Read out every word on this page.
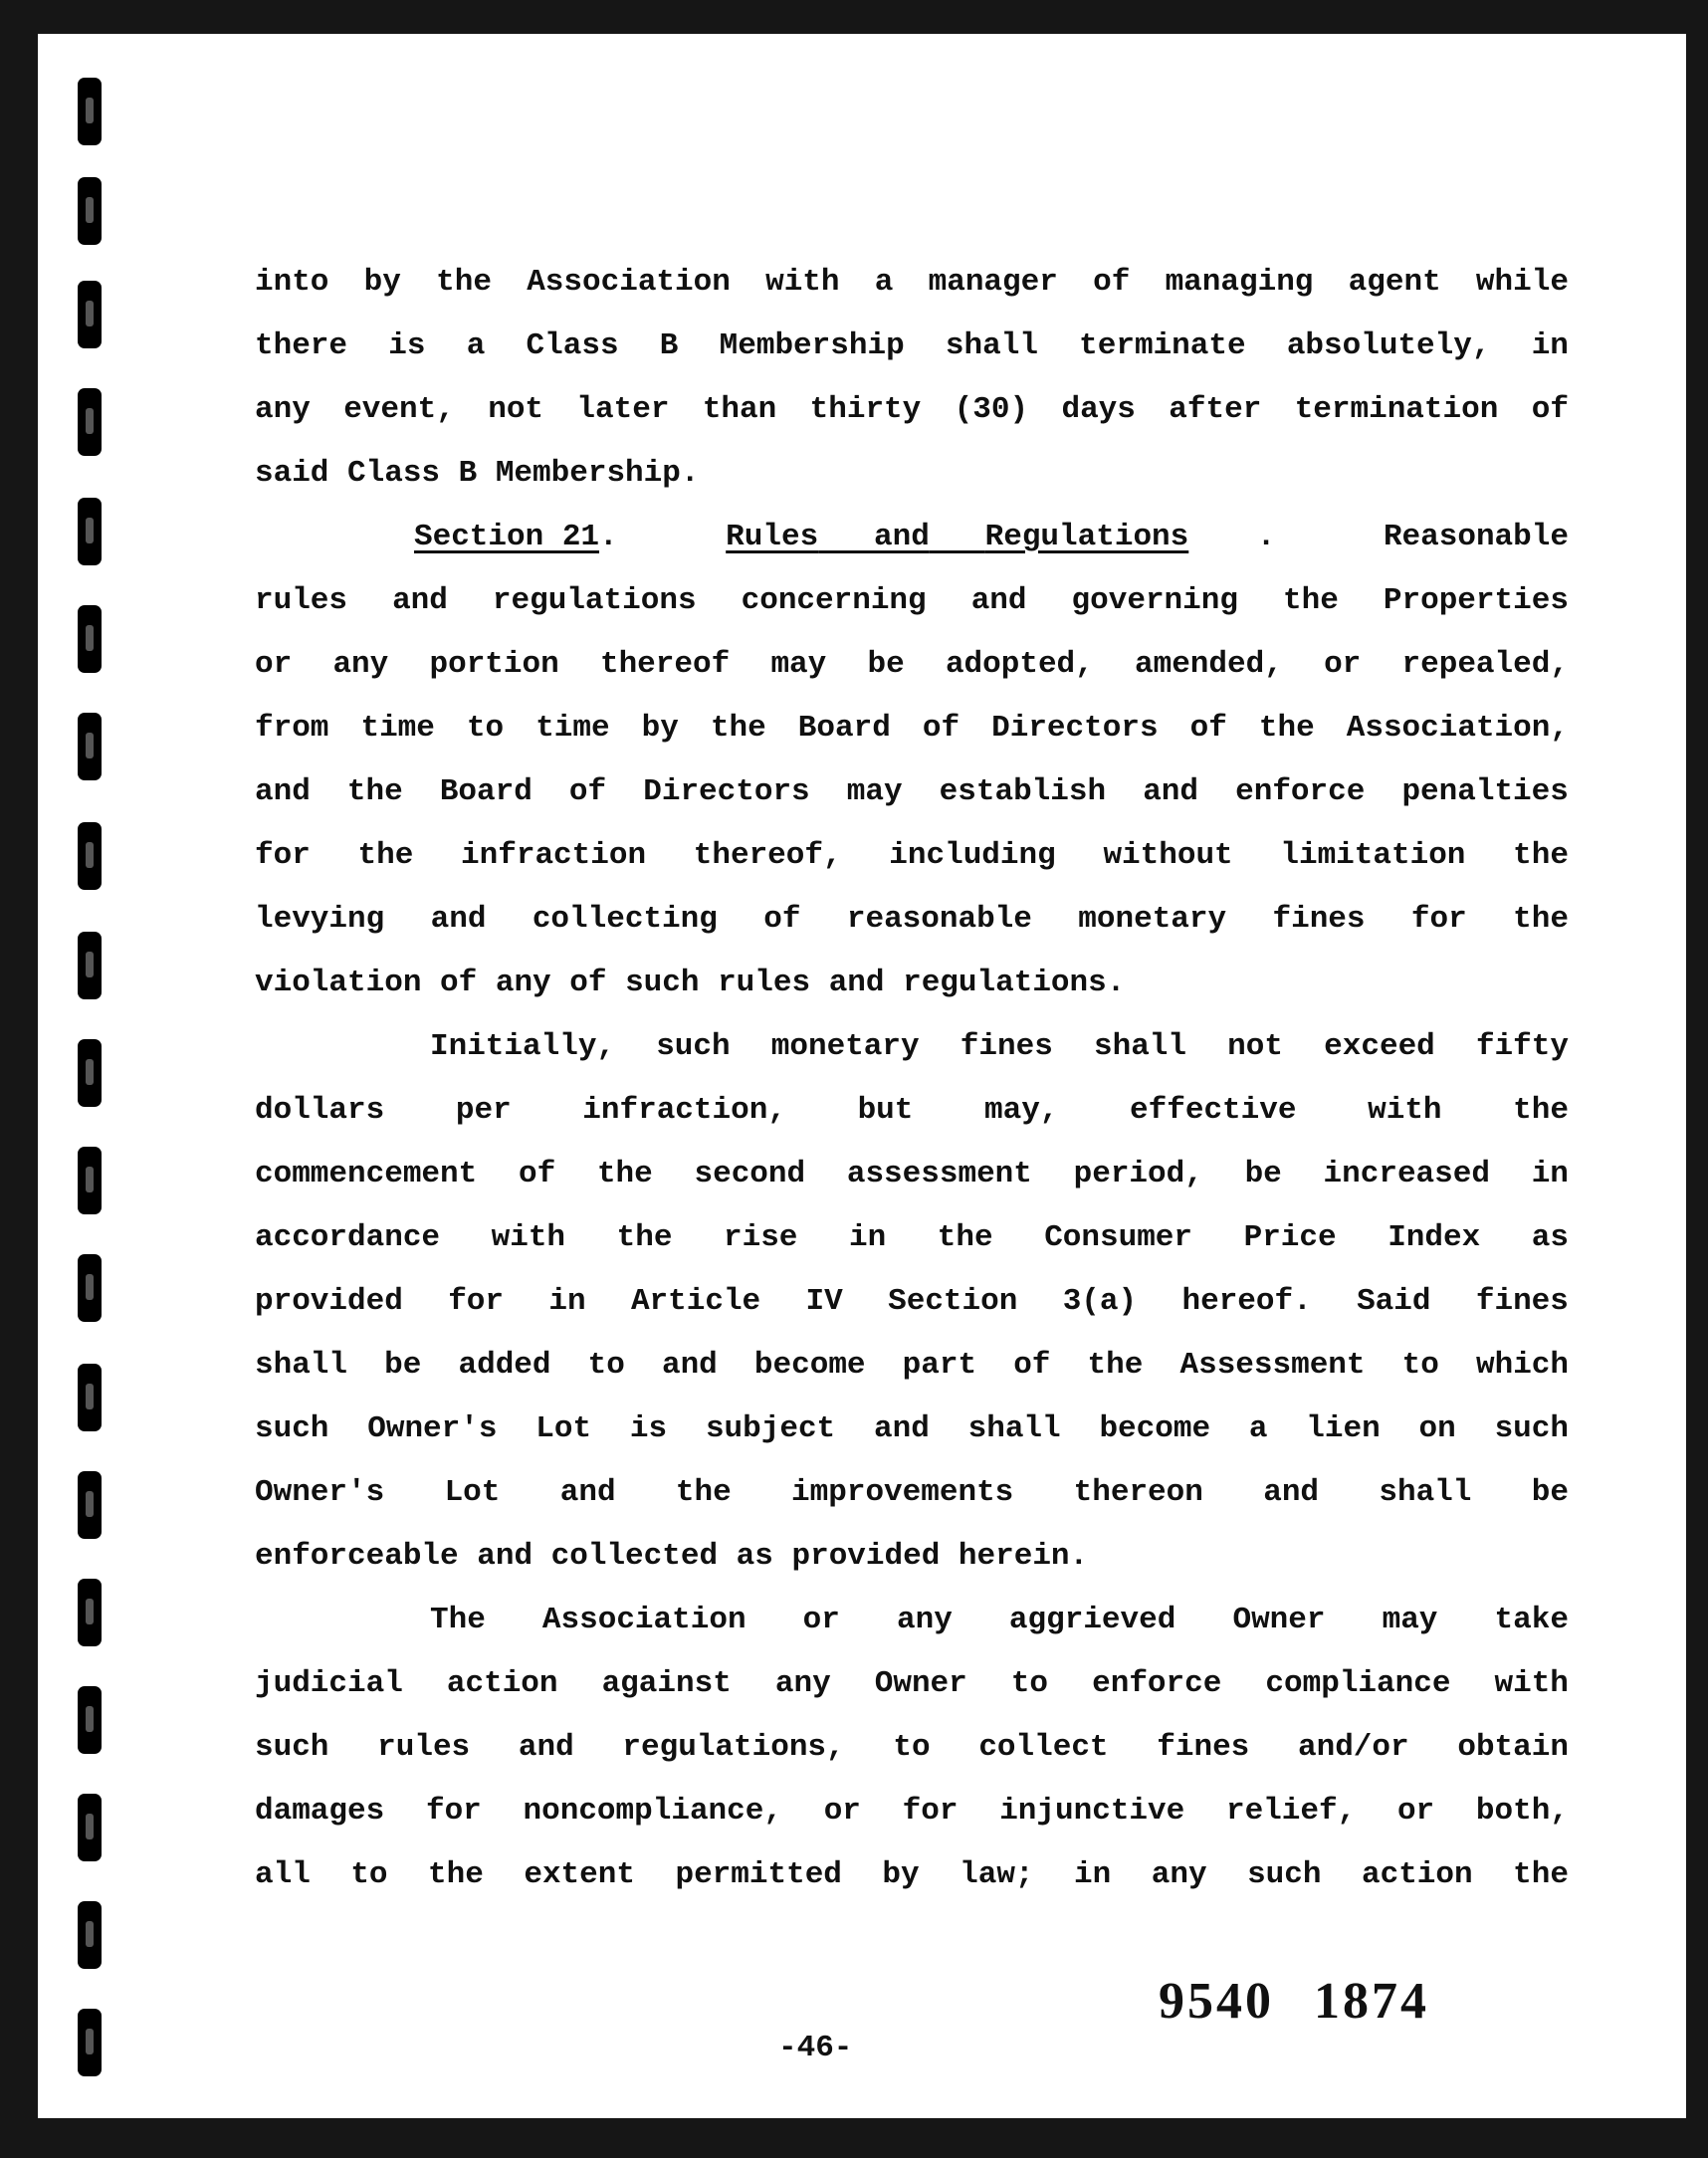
into by the Association with a manager of managing agent while
there is a Class B Membership shall terminate absolutely, in
any event, not later than thirty (30) days after termination of
said Class B Membership.
Section 21.	Rules and Regulations .	Reasonable
rules and regulations concerning and governing the Properties
or any portion thereof may be adopted, amended, or repealed,
from time to time by the Board of Directors of the Association,
and the Board of Directors may establish and enforce penalties
for the infraction thereof, including without limitation the
levying and collecting of reasonable monetary fines for the
violation of any of such rules and regulations.
Initially, such monetary fines shall not exceed fifty
dollars per infraction, but may, effective with the
commencement of the second assessment period, be increased in
accordance with the rise in the Consumer Price Index as
provided for in Article IV Section 3(a) hereof. Said fines
shall be added to and become part of the Assessment to which
such Owner's Lot is subject and shall become a lien on such
Owner's Lot and the improvements thereon and shall be
enforceable and collected as provided herein.
The Association or any aggrieved Owner may take
judicial action against any Owner to enforce compliance with
such rules and regulations, to collect fines and/or obtain
damages for noncompliance, or for injunctive relief, or both,
all to the extent permitted by law; in any such action the
9540 1874
-46-
